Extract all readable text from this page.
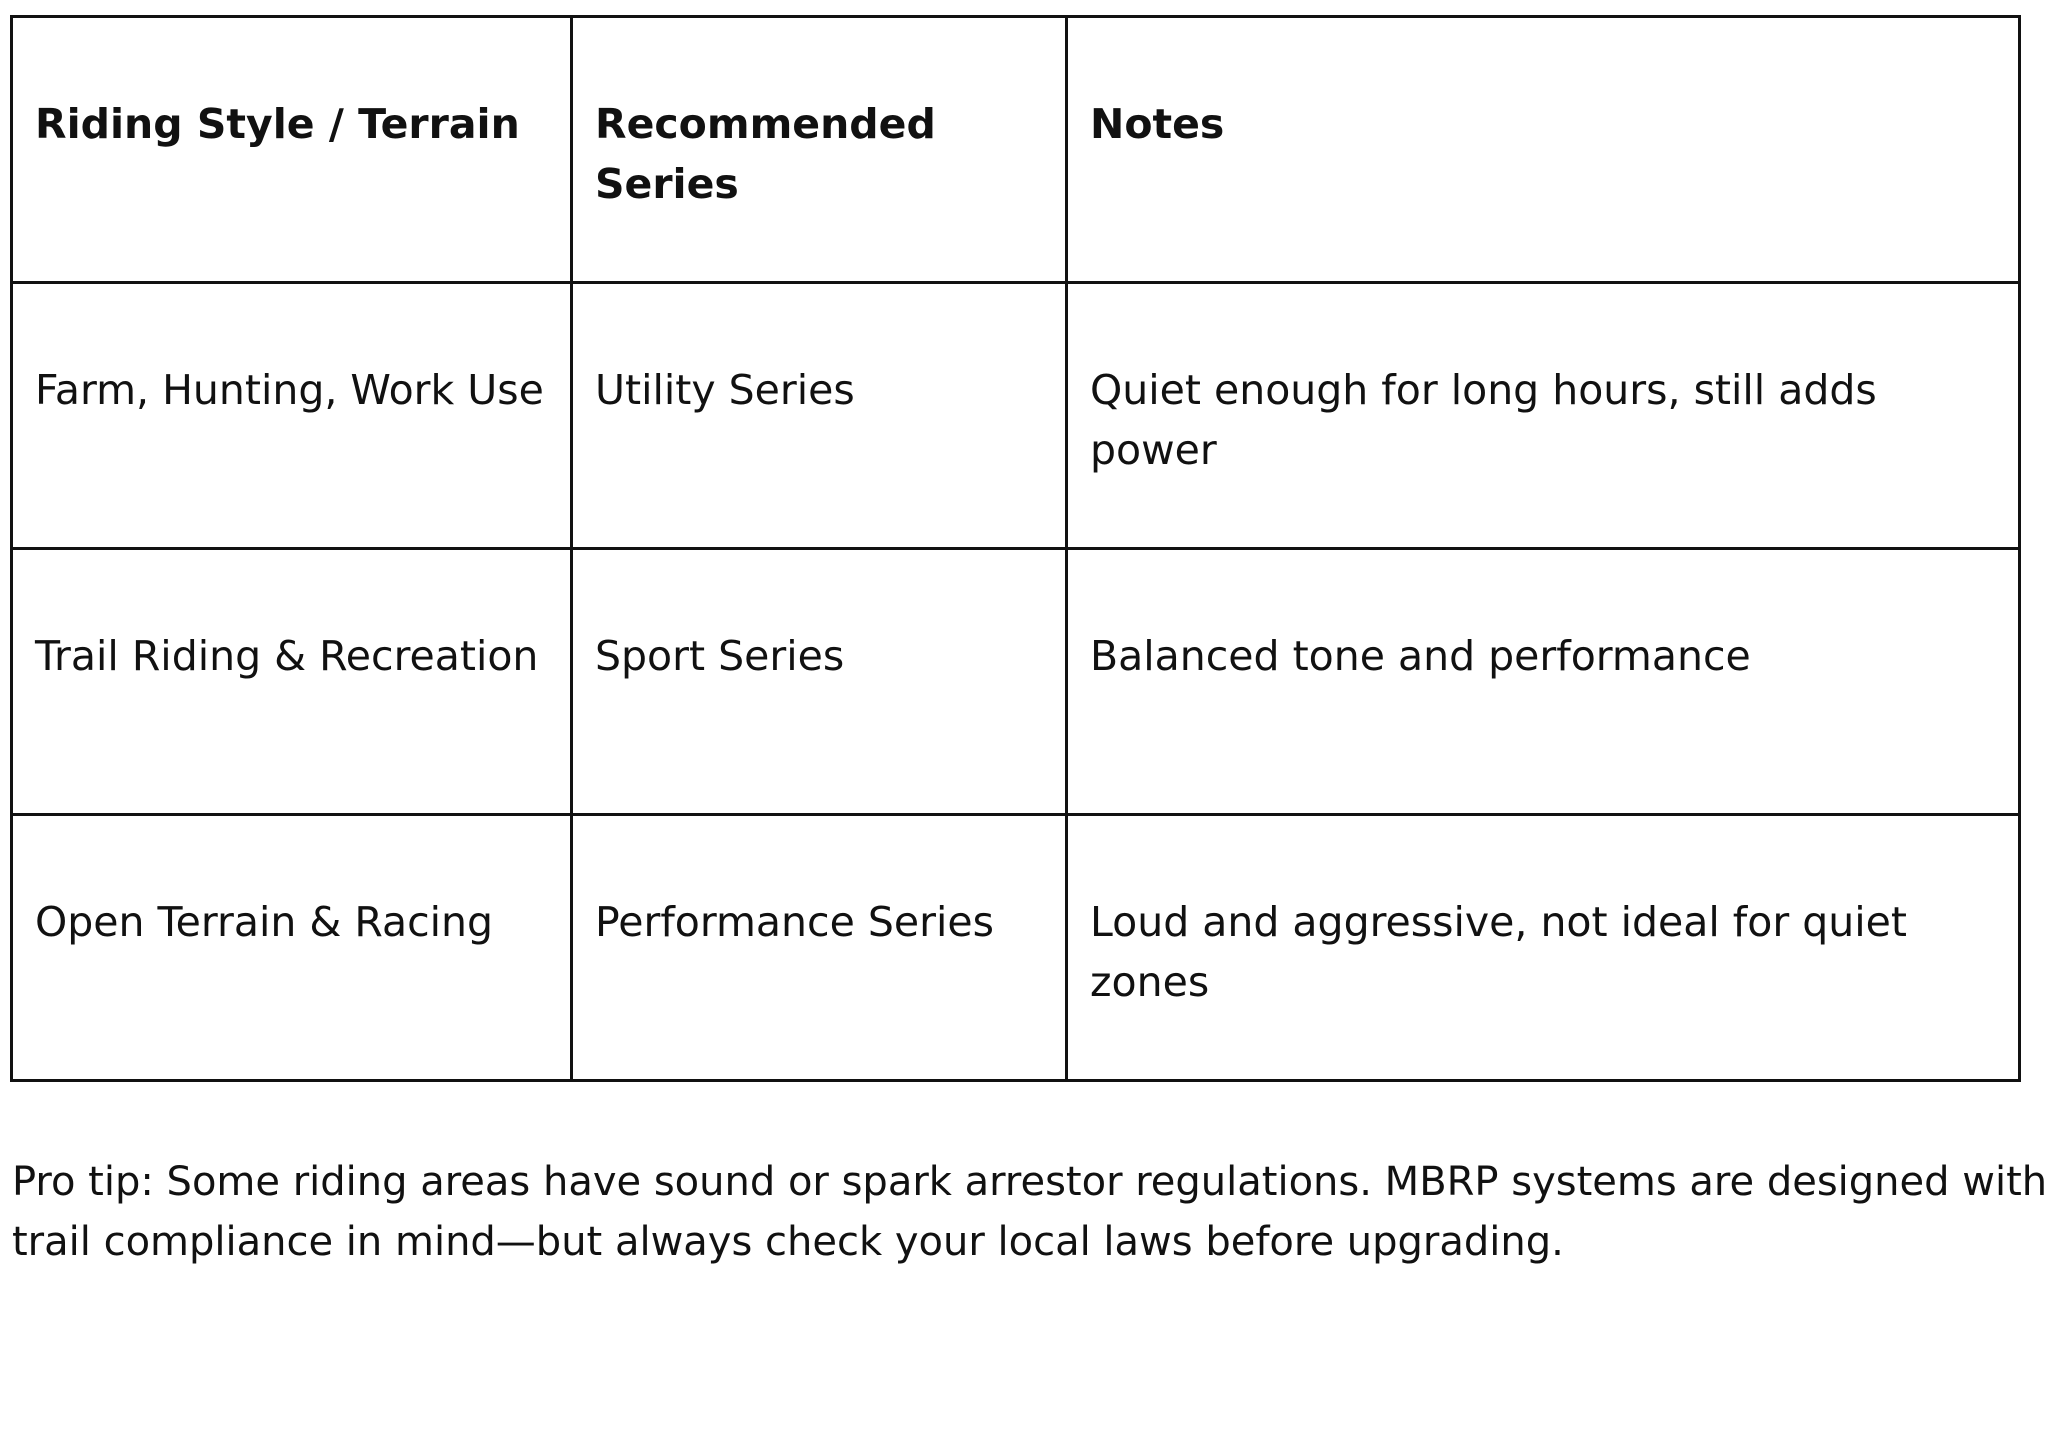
Riding Style / Terrain	Recommended Series	Notes
Farm, Hunting, Work Use	Utility Series	Quiet enough for long hours, still adds power
Trail Riding & Recreation	Sport Series	Balanced tone and performance
Open Terrain & Racing	Performance Series	Loud and aggressive, not ideal for quiet zones

Pro tip: Some riding areas have sound or spark arrestor regulations. MBRP systems are designed with trail compliance in mind—but always check your local laws before upgrading.
